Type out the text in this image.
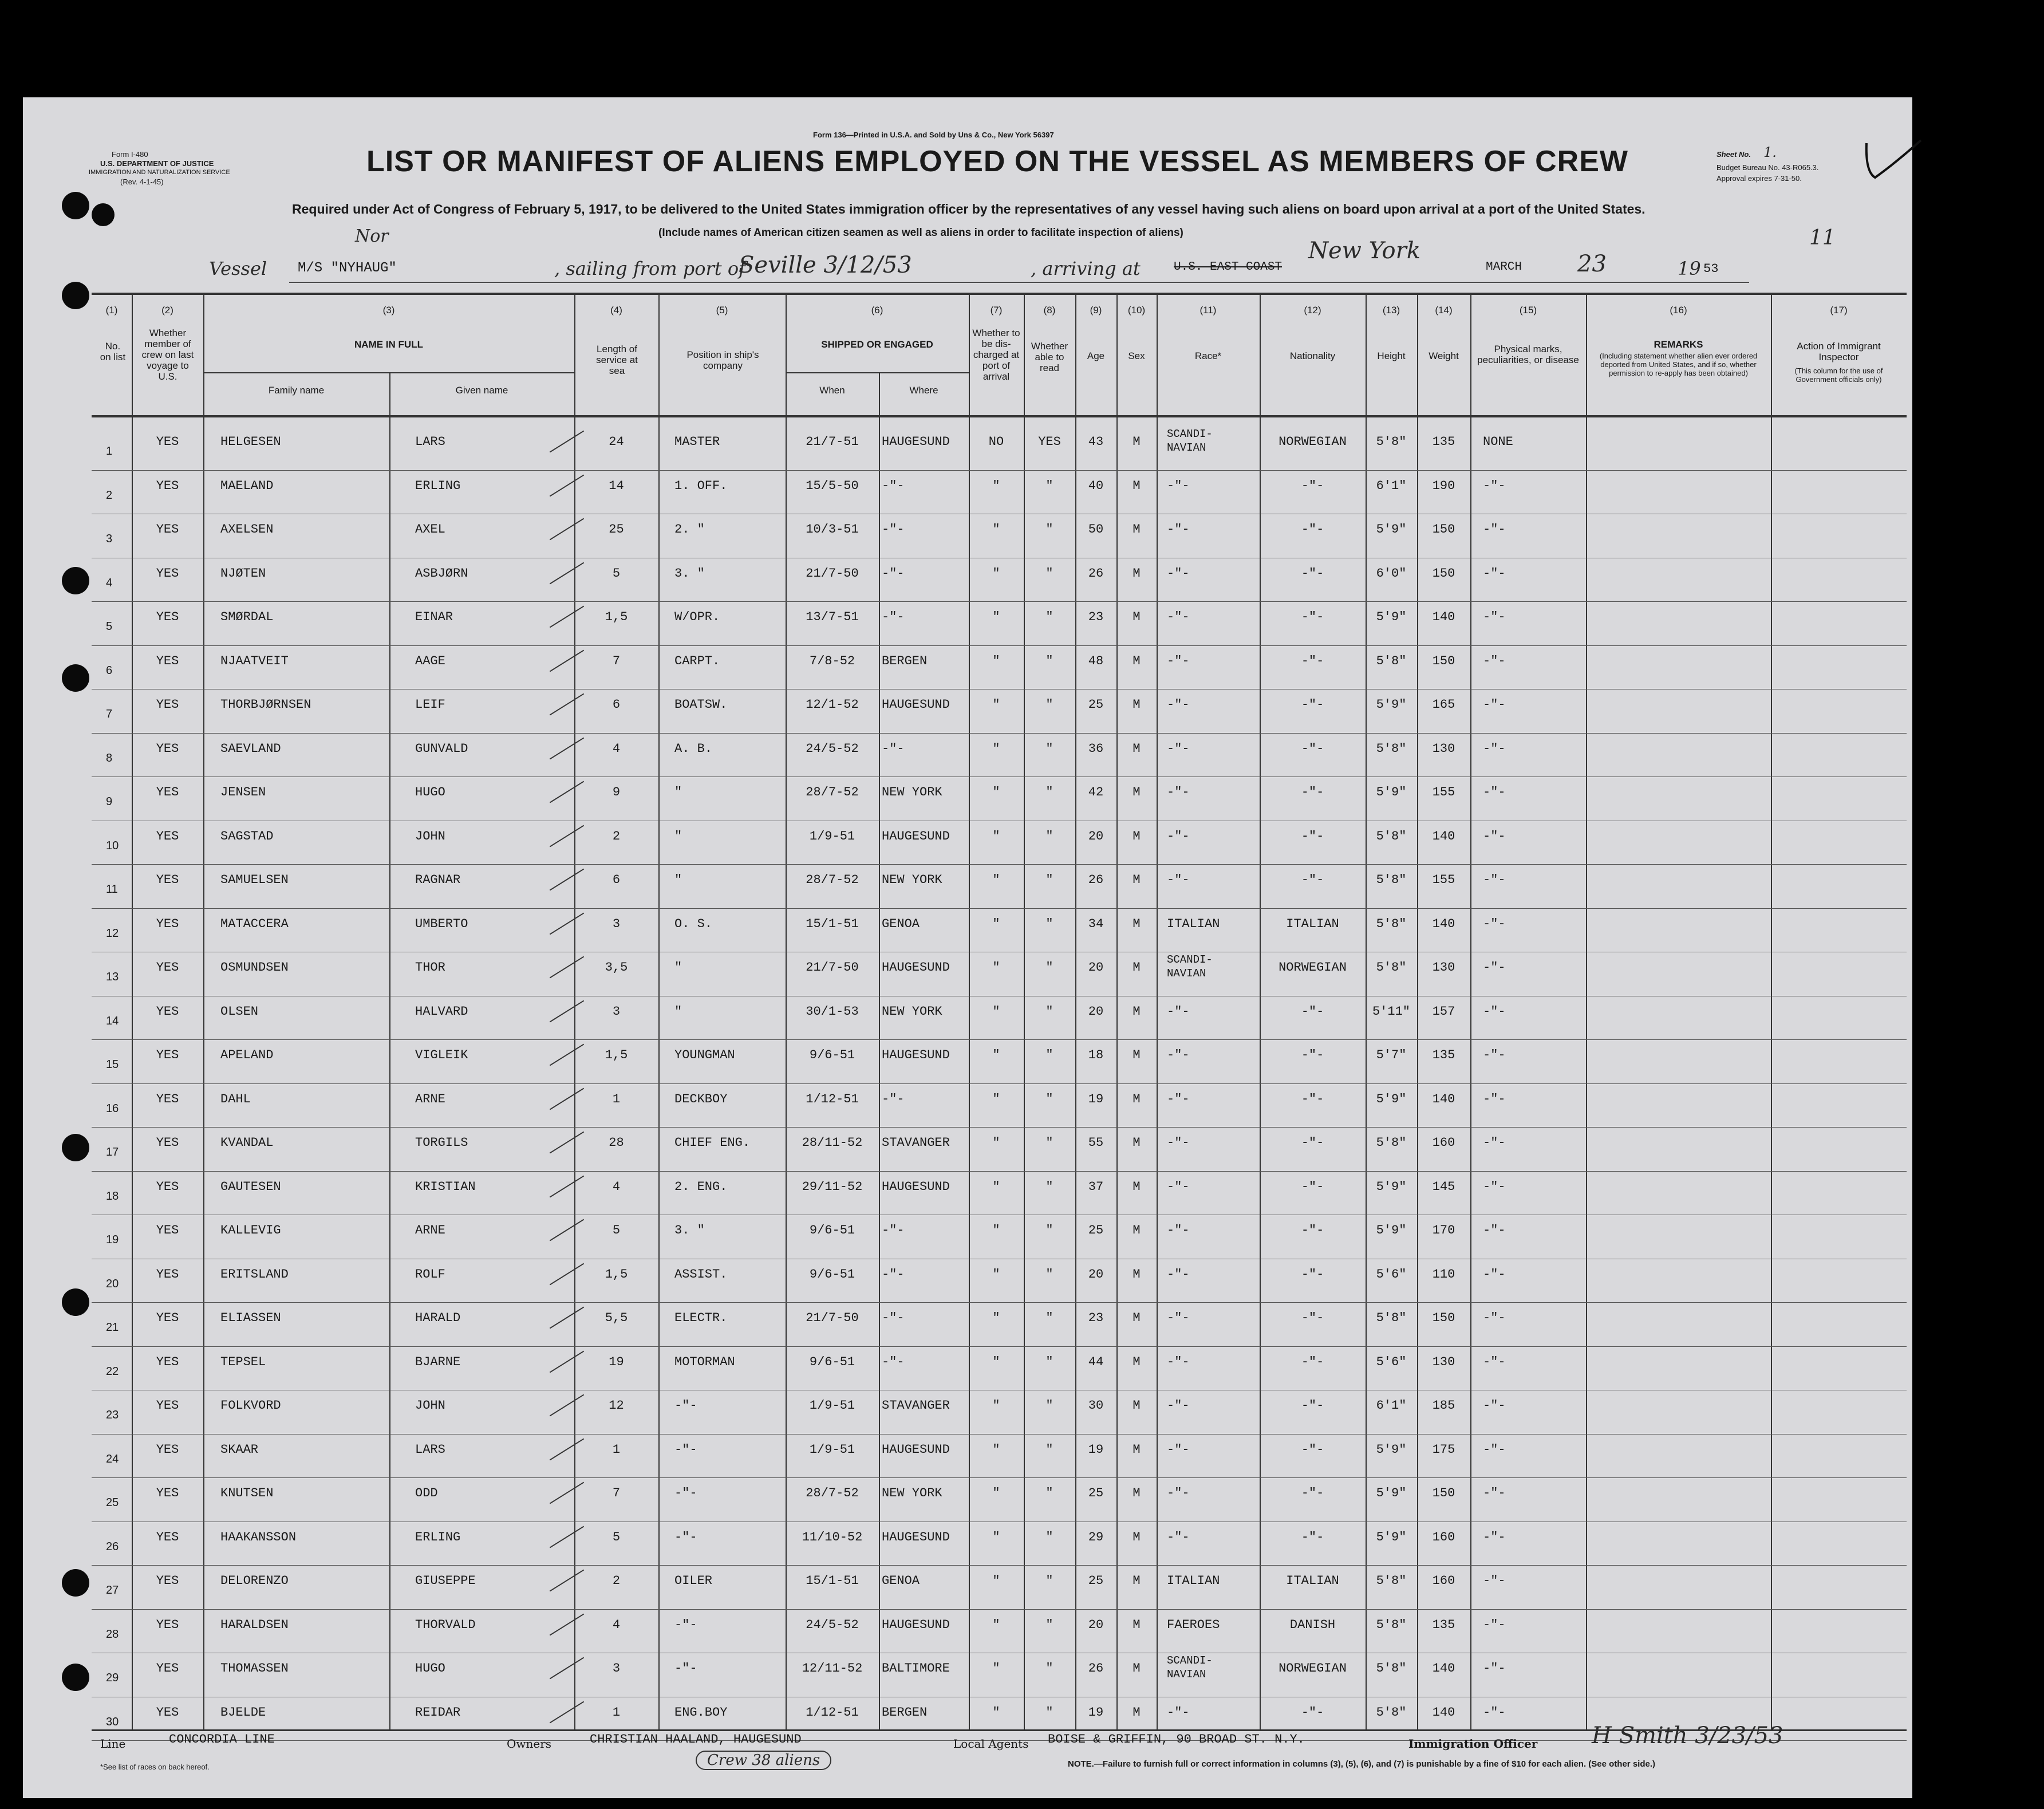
Form I-480
U.S. DEPARTMENT OF JUSTICE
IMMIGRATION AND NATURALIZATION SERVICE
(Rev. 4-1-45)
Form 136—Printed in U.S.A. and Sold by Uns & Co., New York 56397
LIST OR MANIFEST OF ALIENS EMPLOYED ON THE VESSEL AS MEMBERS OF CREW
Required under Act of Congress of February 5, 1917, to be delivered to the United States immigration officer by the representatives of any vessel having such aliens on board upon arrival at a port of the United States.
(Include names of American citizen seamen as well as aliens in order to facilitate inspection of aliens)
Sheet No. 1.
Budget Bureau No. 43-R065.3.
Approval expires 7-31-50.
11
Vessel M/S "NYHAUG"
Nor
, sailing from port of
Seville 3/12/53	, arriving at	U.S. EAST COAST
New York
MARCH 23	19 53
(1)	(2)	(3)	(4)	(5)	(6)	(7)	(8)	(9)	(10)	(11)	(12)	(13)	(14)	(15)	(16)	(17)
No. on list
Whether member of crew on last voyage to U.S.
NAME IN FULL
Family name	Given name
Length of service at sea
Position in ship's company
SHIPPED OR ENGAGED
When	Where
Whether to be dis-charged at port of arrival
Whether able to read
Age	Sex	Race*	Nationality	Height	Weight
Physical marks, peculiarities, or disease
REMARKS
(Including statement whether alien ever ordered deported from United States, and if so, whether permission to re-apply has been obtained)
Action of Immigrant Inspector
(This column for the use of Government officials only)
1
YES	HELGESEN	LARS	24	MASTER	21/7-51	HAUGESUND	NO	YES	43	M
SCANDI-
NAVIAN	NORWEGIAN	5'8"	135	NONE
2
YES	MAELAND	ERLING	14	1. OFF.	15/5-50	-"-	"	"	40	M	-"-	-"-	6'1"	190	-"-
3
YES	AXELSEN	AXEL	25	2. "	10/3-51	-"-	"	"	50	M	-"-	-"-	5'9"	150	-"-
4
YES	NJØTEN	ASBJØRN	5	3. "	21/7-50	-"-	"	"	26	M	-"-	-"-	6'0"	150	-"-
5
YES	SMØRDAL	EINAR	1,5	W/OPR.	13/7-51	-"-	"	"	23	M	-"-	-"-	5'9"	140	-"-
6
YES	NJAATVEIT	AAGE	7	CARPT.	7/8-52	BERGEN	"	"	48	M	-"-	-"-	5'8"	150	-"-
7
YES	THORBJØRNSEN	LEIF	6	BOATSW.	12/1-52	HAUGESUND	"	"	25	M	-"-	-"-	5'9"	165	-"-
8
YES	SAEVLAND	GUNVALD	4	A. B.	24/5-52	-"-	"	"	36	M	-"-	-"-	5'8"	130	-"-
9
YES	JENSEN	HUGO	9	"	28/7-52	NEW YORK	"	"	42	M	-"-	-"-	5'9"	155	-"-
10
YES	SAGSTAD	JOHN	2	"	1/9-51	HAUGESUND	"	"	20	M	-"-	-"-	5'8"	140	-"-
11
YES	SAMUELSEN	RAGNAR	6	"	28/7-52	NEW YORK	"	"	26	M	-"-	-"-	5'8"	155	-"-
12
YES	MATACCERA	UMBERTO	3	O. S.	15/1-51	GENOA	"	"	34	M	ITALIAN	ITALIAN	5'8"	140	-"-
13
YES	OSMUNDSEN	THOR	3,5	"	21/7-50	HAUGESUND	"	"	20	M
SCANDI-
NAVIAN	NORWEGIAN	5'8"	130	-"-
14
YES	OLSEN	HALVARD	3	"	30/1-53	NEW YORK	"	"	20	M	-"-	-"-	5'11"	157	-"-
15
YES	APELAND	VIGLEIK	1,5	YOUNGMAN	9/6-51	HAUGESUND	"	"	18	M	-"-	-"-	5'7"	135	-"-
16
YES	DAHL	ARNE	1	DECKBOY	1/12-51	-"-	"	"	19	M	-"-	-"-	5'9"	140	-"-
17
YES	KVANDAL	TORGILS	28	CHIEF ENG.	28/11-52	STAVANGER	"	"	55	M	-"-	-"-	5'8"	160	-"-
18
YES	GAUTESEN	KRISTIAN	4	2. ENG.	29/11-52	HAUGESUND	"	"	37	M	-"-	-"-	5'9"	145	-"-
19
YES	KALLEVIG	ARNE	5	3. "	9/6-51	-"-	"	"	25	M	-"-	-"-	5'9"	170	-"-
20
YES	ERITSLAND	ROLF	1,5	ASSIST.	9/6-51	-"-	"	"	20	M	-"-	-"-	5'6"	110	-"-
21
YES	ELIASSEN	HARALD	5,5	ELECTR.	21/7-50	-"-	"	"	23	M	-"-	-"-	5'8"	150	-"-
22
YES	TEPSEL	BJARNE	19	MOTORMAN	9/6-51	-"-	"	"	44	M	-"-	-"-	5'6"	130	-"-
23
YES	FOLKVORD	JOHN	12	-"-	1/9-51	STAVANGER	"	"	30	M	-"-	-"-	6'1"	185	-"-
24
YES	SKAAR	LARS	1	-"-	1/9-51	HAUGESUND	"	"	19	M	-"-	-"-	5'9"	175	-"-
25
YES	KNUTSEN	ODD	7	-"-	28/7-52	NEW YORK	"	"	25	M	-"-	-"-	5'9"	150	-"-
26
YES	HAAKANSSON	ERLING	5	-"-	11/10-52	HAUGESUND	"	"	29	M	-"-	-"-	5'9"	160	-"-
27
YES	DELORENZO	GIUSEPPE	2	OILER	15/1-51	GENOA	"	"	25	M	ITALIAN	ITALIAN	5'8"	160	-"-
28
YES	HARALDSEN	THORVALD	4	-"-	24/5-52	HAUGESUND	"	"	20	M	FAEROES	DANISH	5'8"	135	-"-
29
YES	THOMASSEN	HUGO	3	-"-	12/11-52	BALTIMORE	"	"	26	M
SCANDI-
NAVIAN	NORWEGIAN	5'8"	140	-"-
30
YES	BJELDE	REIDAR	1	ENG.BOY	1/12-51	BERGEN	"	"	19	M	-"-	-"-	5'8"	140	-"-
Line	CONCORDIA LINE	Owners	CHRISTIAN HAALAND, HAUGESUND
Crew 38 aliens
Local Agents BOISE & GRIFFIN, 90 BROAD ST. N.Y.	Immigration Officer H Smith 3/23/53
*See list of races on back hereof.	NOTE.—Failure to furnish full or correct information in columns (3), (5), (6), and (7) is punishable by a fine of $10 for each alien. (See other side.)
